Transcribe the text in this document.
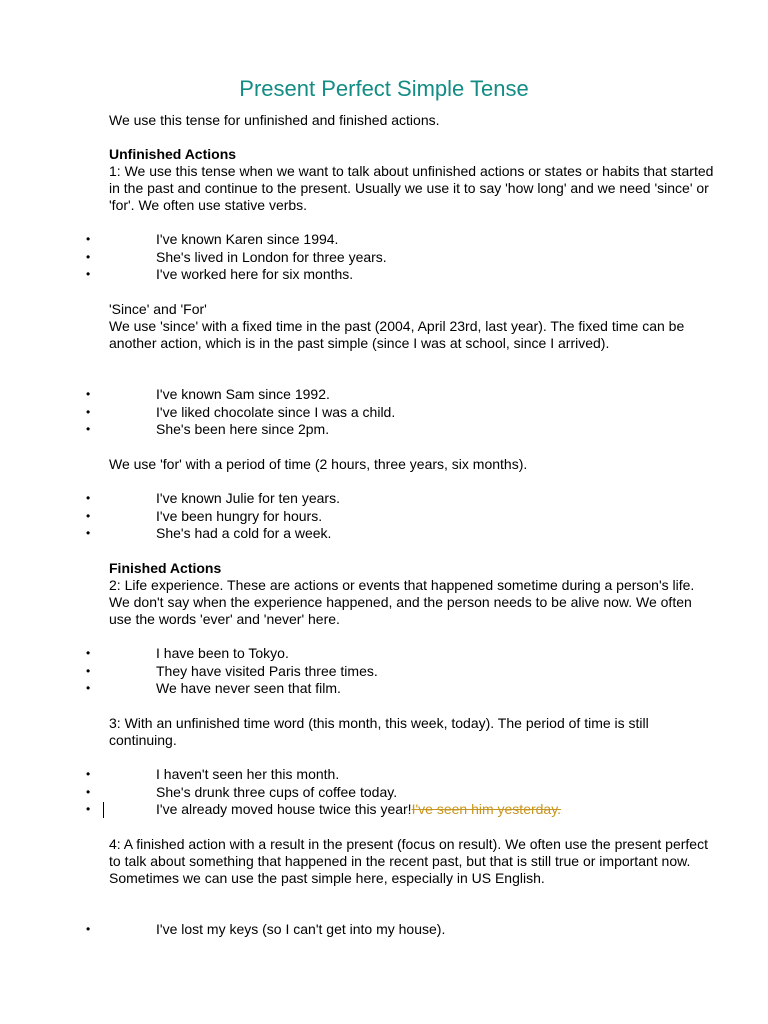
Present Perfect Simple Tense
We use this tense for unfinished and finished actions.
Unfinished Actions
1: We use this tense when we want to talk about unfinished actions or states or habits that started in the past and continue to the present. Usually we use it to say 'how long' and we need 'since' or 'for'. We often use stative verbs.
•	I've known Karen since 1994.
•	She's lived in London for three years.
•	I've worked here for six months.
'Since' and 'For'
We use 'since' with a fixed time in the past (2004, April 23rd, last year). The fixed time can be another action, which is in the past simple (since I was at school, since I arrived).
•	I've known Sam since 1992.
•	I've liked chocolate since I was a child.
•	She's been here since 2pm.
We use 'for' with a period of time (2 hours, three years, six months).
•	I've known Julie for ten years.
•	I've been hungry for hours.
•	She's had a cold for a week.
Finished Actions
2: Life experience. These are actions or events that happened sometime during a person's life. We don't say when the experience happened, and the person needs to be alive now. We often use the words 'ever' and 'never' here.
•	I have been to Tokyo.
•	They have visited Paris three times.
•	We have never seen that film.
3: With an unfinished time word (this month, this week, today). The period of time is still continuing.
•	I haven't seen her this month.
•	She's drunk three cups of coffee today.
•	I've already moved house twice this year!I've seen him yesterday.
4: A finished action with a result in the present (focus on result). We often use the present perfect to talk about something that happened in the recent past, but that is still true or important now. Sometimes we can use the past simple here, especially in US English.
•	I've lost my keys (so I can't get into my house).
